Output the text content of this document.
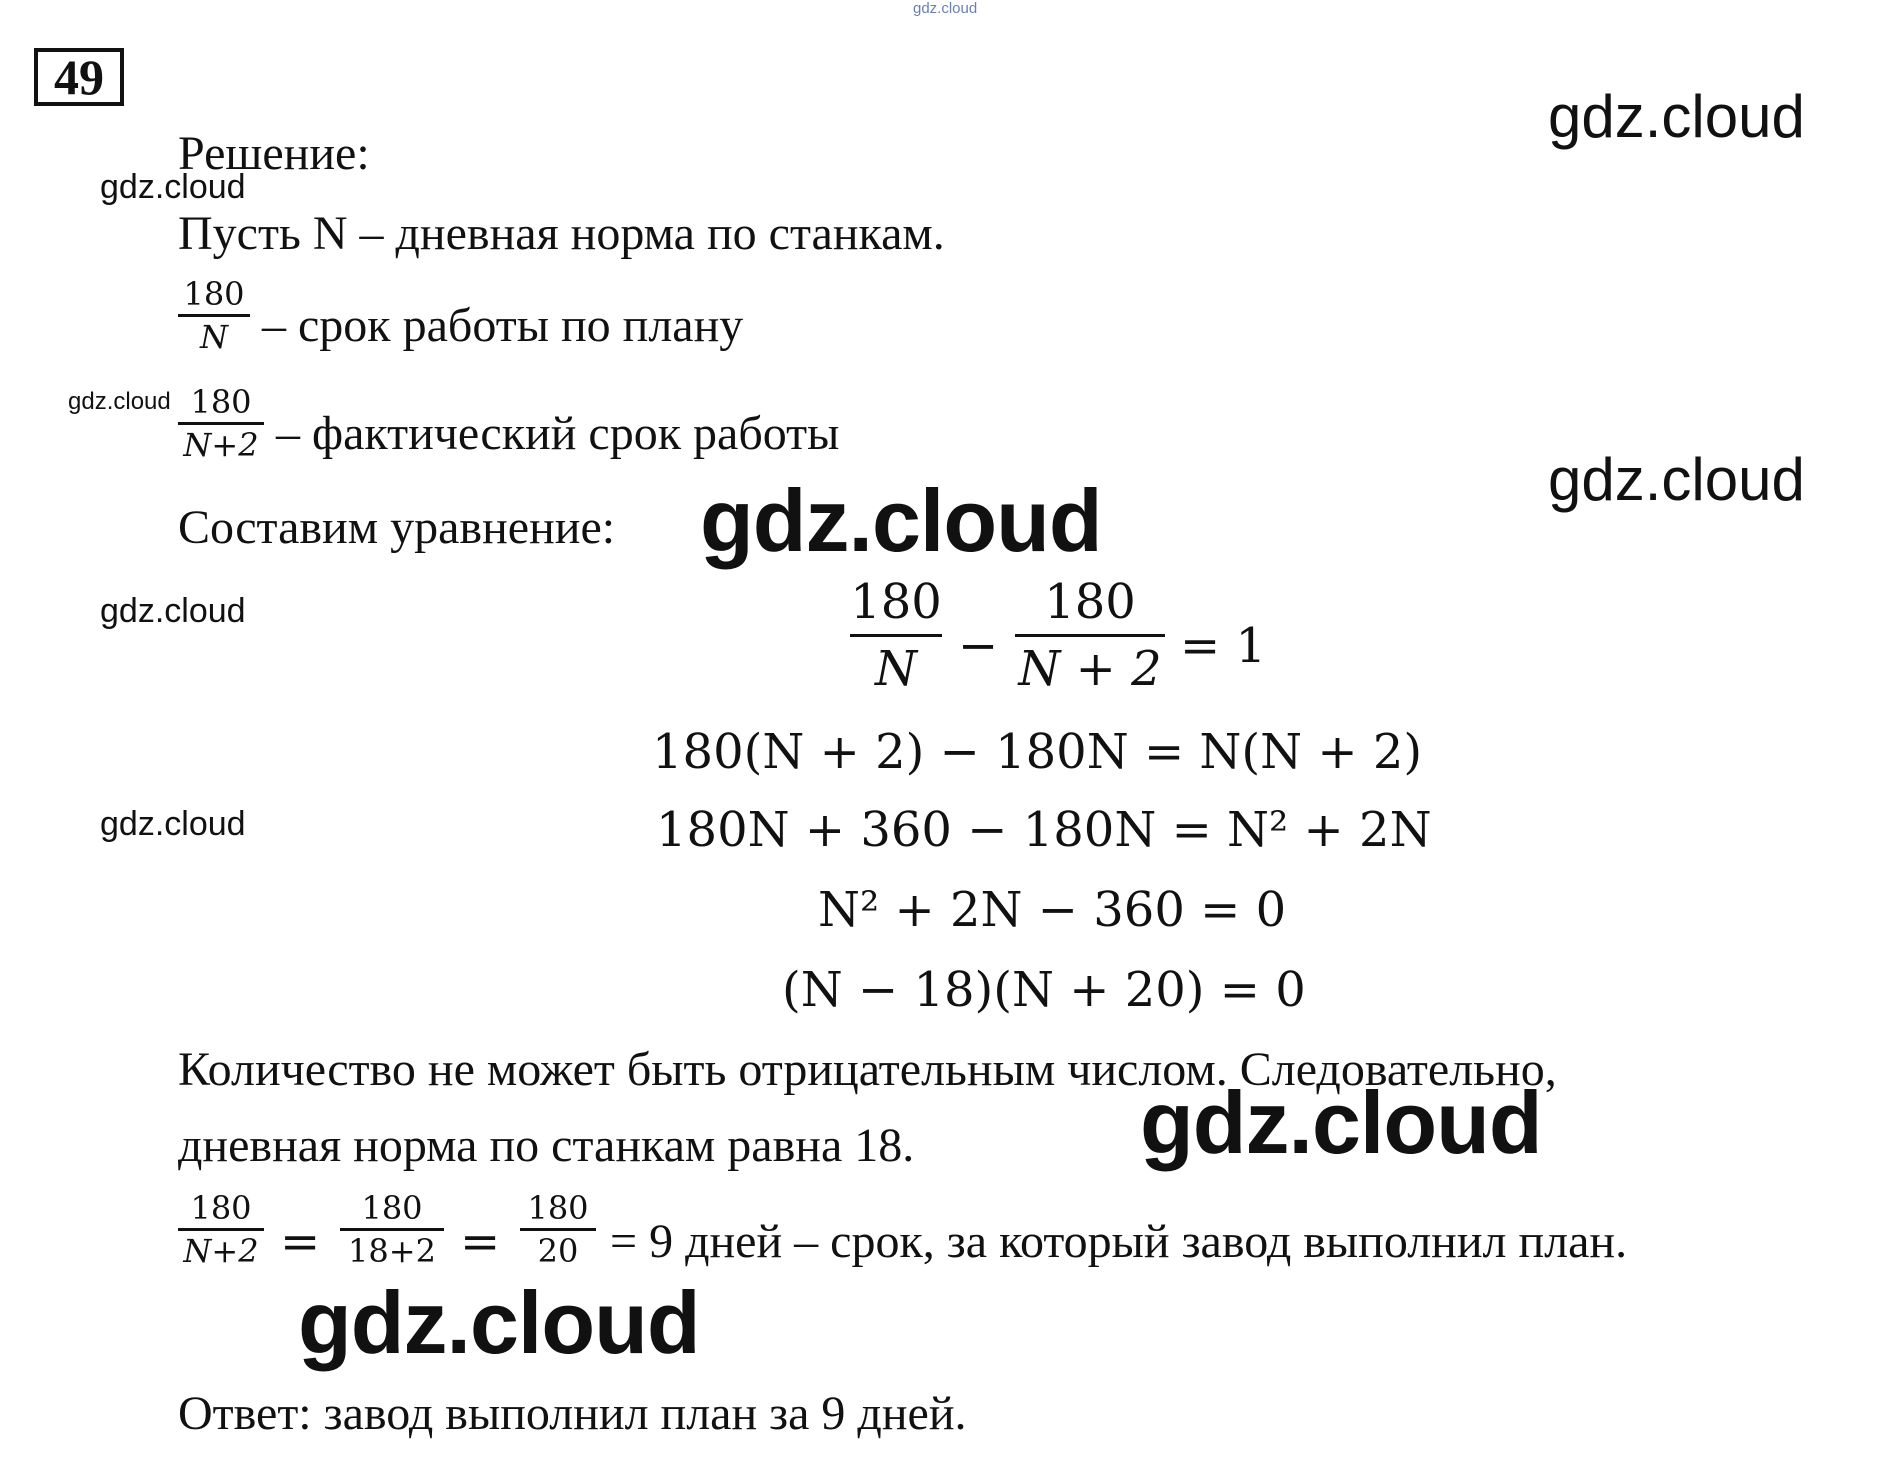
gdz.cloud
49
gdz.cloud
gdz.cloud
gdz.cloud
gdz.cloud
gdz.cloud
gdz.cloud
gdz.cloud
gdz.cloud
gdz.cloud
Решение:
Пусть N – дневная норма по станкам.
180
N – срок работы по плану
180
N+2 – фактический срок работы
Составим уравнение:
180
N −
180
N + 2 = 1
180(N + 2) − 180N = N(N + 2)
180N + 360 − 180N = N² + 2N
N² + 2N − 360 = 0
(N − 18)(N + 20) = 0
Количество не может быть отрицательным числом. Следовательно,
дневная норма по станкам равна 18.
180
N+2 =
180
18+2 =
180
20 = 9 дней – срок, за который завод выполнил план.
Ответ: завод выполнил план за 9 дней.
